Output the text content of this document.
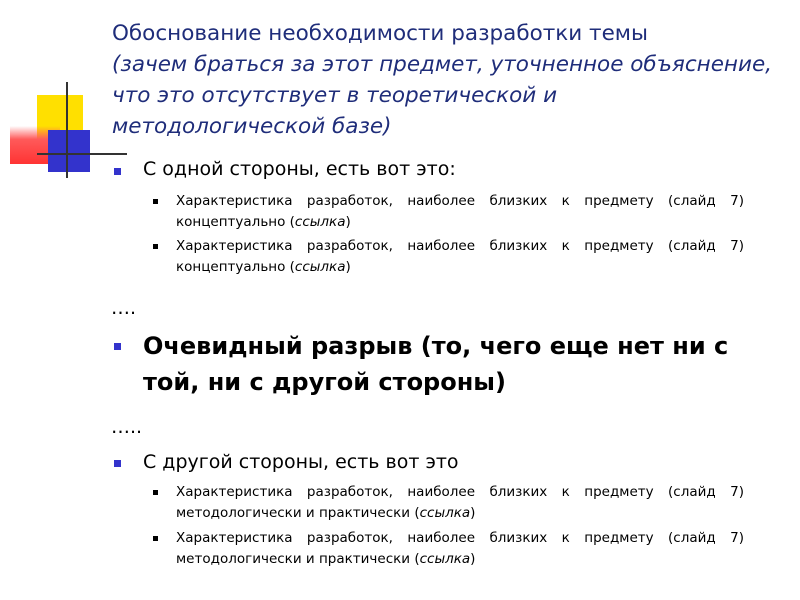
Обоснование необходимости разработки темы
(зачем браться за этот предмет, уточненное объяснение, что это отсутствует в теоретической и методологической базе)
С одной стороны, есть вот это:
Характеристика разработок, наиболее близких к предмету (слайд 7) концептуально (ссылка)
Характеристика разработок, наиболее близких к предмету (слайд 7) концептуально (ссылка)
….
Очевидный разрыв (то, чего еще нет ни с той, ни с другой стороны)
…..
С другой стороны, есть вот это
Характеристика разработок, наиболее близких к предмету (слайд 7) методологически и практически (ссылка)
Характеристика разработок, наиболее близких к предмету (слайд 7) методологически и практически (ссылка)
